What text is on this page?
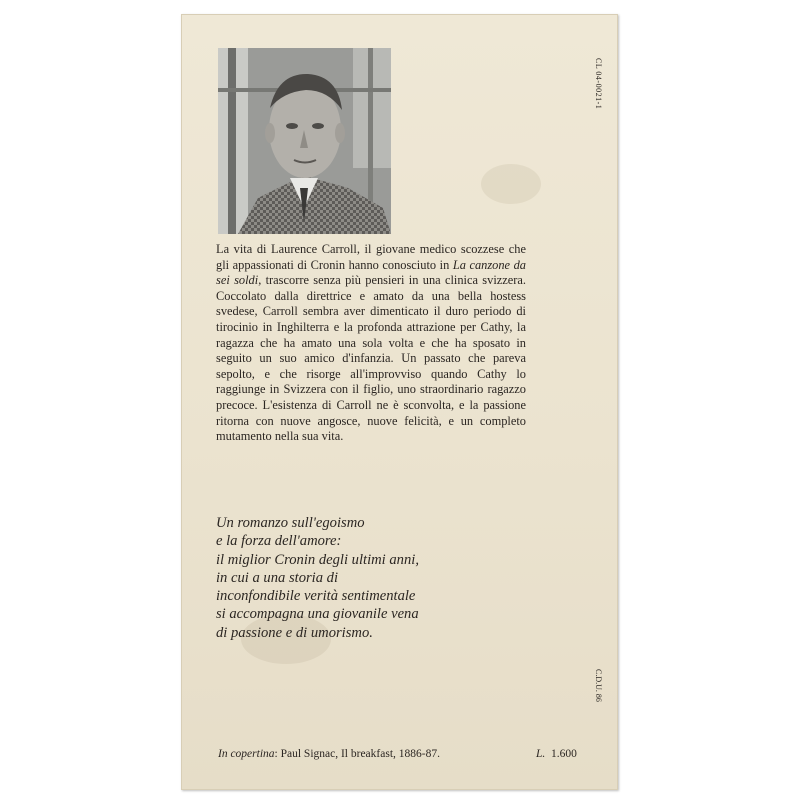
CL 04-0021-1
C.D.U. 86
La vita di Laurence Carroll, il giovane medico scozzese che gli appassionati di Cronin hanno conosciuto in La canzone da sei soldi, trascorre senza più pensieri in una clinica svizzera. Coccolato dalla direttrice e amato da una bella hostess svedese, Carroll sembra aver dimenticato il duro periodo di tirocinio in Inghilterra e la profonda attrazione per Cathy, la ragazza che ha amato una sola volta e che ha sposato in seguito un suo amico d'infanzia. Un passato che pareva sepolto, e che risorge all'improvviso quando Cathy lo raggiunge in Svizzera con il figlio, uno straordinario ragazzo precoce. L'esistenza di Carroll ne è sconvolta, e la passione ritorna con nuove angosce, nuove felicità, e un completo mutamento nella sua vita.
Un romanzo sull'egoismo
e la forza dell'amore:
il miglior Cronin degli ultimi anni,
in cui a una storia di
inconfondibile verità sentimentale
si accompagna una giovanile vena
di passione e di umorismo.
In copertina: Paul Signac, Il breakfast, 1886-87.	L. 1.600
